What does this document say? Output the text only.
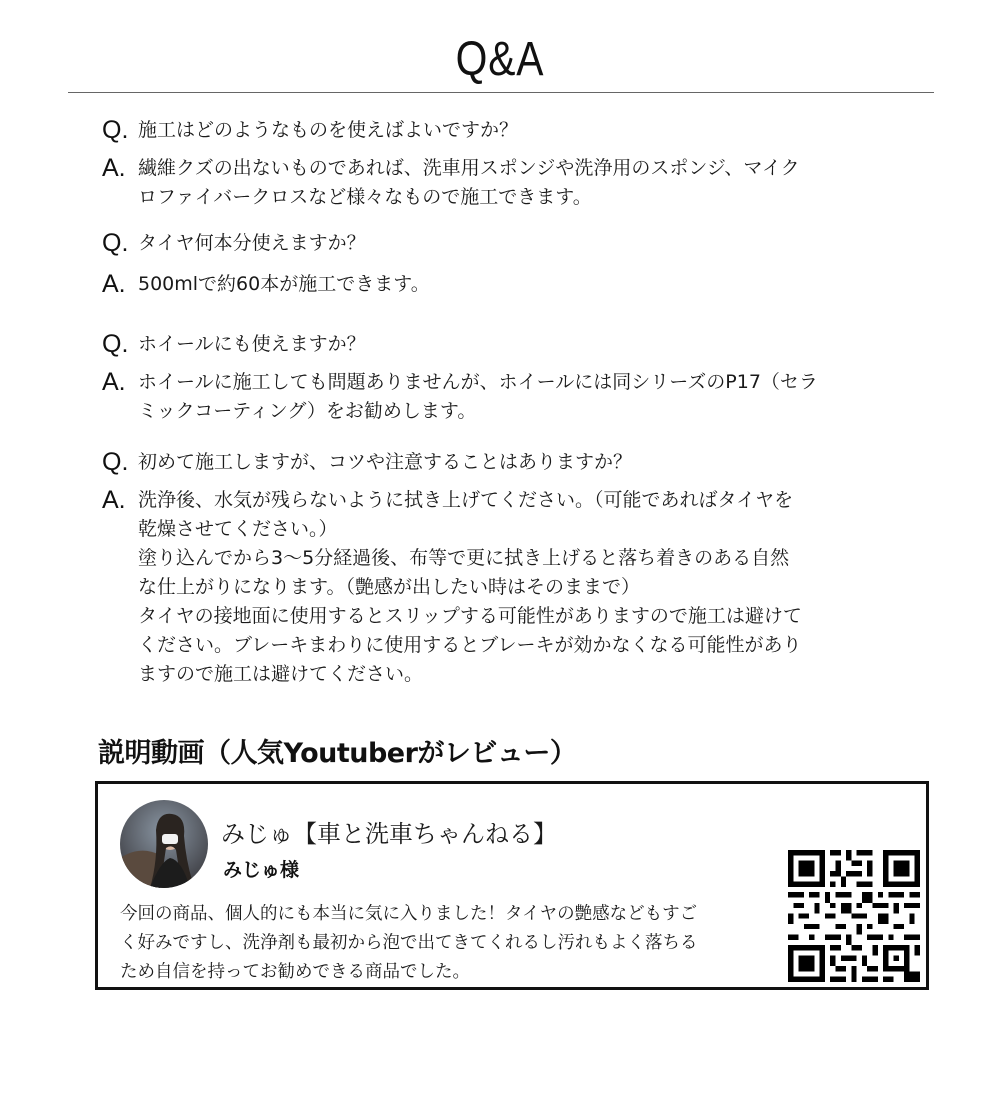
Q&A
Q. 施工はどのようなものを使えばよいですか？
A. 繊維クズの出ないものであれば、洗車用スポンジや洗浄用のスポンジ、マイク
ロファイバークロスなど様々なもので施工できます。
Q. タイヤ何本分使えますか？
A. 500mlで約60本が施工できます。
Q. ホイールにも使えますか？
A. ホイールに施工しても問題ありませんが、ホイールには同シリーズのP17（セラ
ミックコーティング）をお勧めします。
Q. 初めて施工しますが、コツや注意することはありますか？
A. 洗浄後、水気が残らないように拭き上げてください。（可能であればタイヤを
乾燥させてください。）
塗り込んでから3〜5分経過後、布等で更に拭き上げると落ち着きのある自然
な仕上がりになります。（艶感が出したい時はそのままで）
タイヤの接地面に使用するとスリップする可能性がありますので施工は避けて
ください。ブレーキまわりに使用するとブレーキが効かなくなる可能性があり
ますので施工は避けてください。
説明動画（人気Youtuberがレビュー）
みじゅ【車と洗車ちゃんねる】
みじゅ様
今回の商品、個人的にも本当に気に入りました！タイヤの艶感などもすご
く好みですし、洗浄剤も最初から泡で出てきてくれるし汚れもよく落ちる
ため自信を持ってお勧めできる商品でした。
